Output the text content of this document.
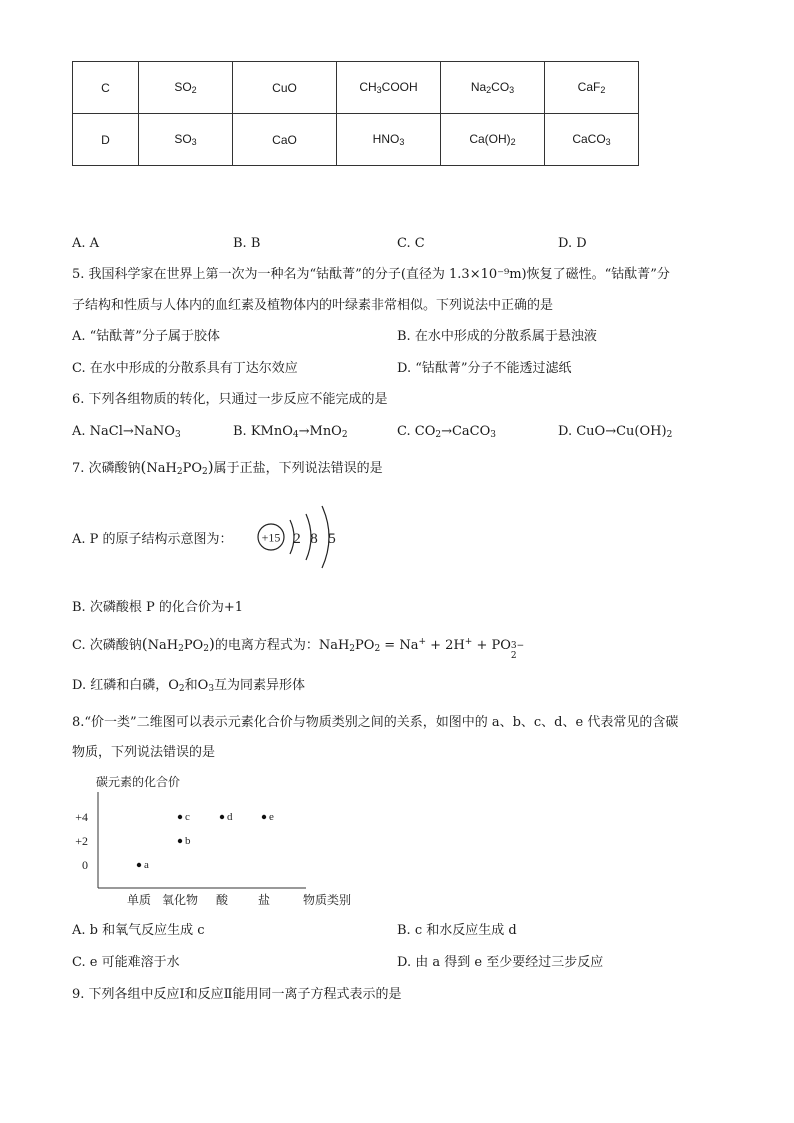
C	$SO_2$	CuO	$CH_3COOH$	$Na_2CO_3$	CaF$_2$
D	$SO_3$	CaO	$HNO_3$	$Ca(OH)_2$	CaCO$_3$
A. A	B. B	C. C	D. D
5. 我国科学家在世界上第一次为一种名为“钴酞菁”的分子(直径为 1.3×10⁻⁹m)恢复了磁性。“钴酞菁”分
子结构和性质与人体内的血红素及植物体内的叶绿素非常相似。下列说法中正确的是
A. “钴酞菁”分子属于胶体	B. 在水中形成的分散系属于悬浊液
C. 在水中形成的分散系具有丁达尔效应	D. “钴酞菁”分子不能透过滤纸
6. 下列各组物质的转化，只通过一步反应不能完成的是
A. NaCl→NaNO$_3$	B. KMnO$_4$→MnO$_2$	C. $CO_2\to CaCO_3$	D. $CuO\to Cu(OH)_2$
7. 次磷酸钠$(NaH_2PO_2)$属于正盐，下列说法错误的是
A. P 的原子结构示意图为： +15 2 8 5
B. 次磷酸根 P 的化合价为+1
C. 次磷酸钠$(NaH_2PO_2)$的电离方程式为：$NaH_2PO_2 = Na^+ + 2H^+$ + PO 3−
2
D. 红磷和白磷，$O_2$和$O_3$互为同素异形体
8.“价一类”二维图可以表示元素化合价与物质类别之间的关系，如图中的 a、b、c、d、e 代表常见的含碳
物质，下列说法错误的是
碳元素的化合价
物质类别
+4
+2
0
单质 氧化物 酸 盐
a
b
c	d	e
A. b 和氧气反应生成 c	B. c 和水反应生成 d
C. e 可能难溶于水	D. 由 a 得到 e 至少要经过三步反应
9. 下列各组中反应Ⅰ和反应Ⅱ能用同一离子方程式表示的是
